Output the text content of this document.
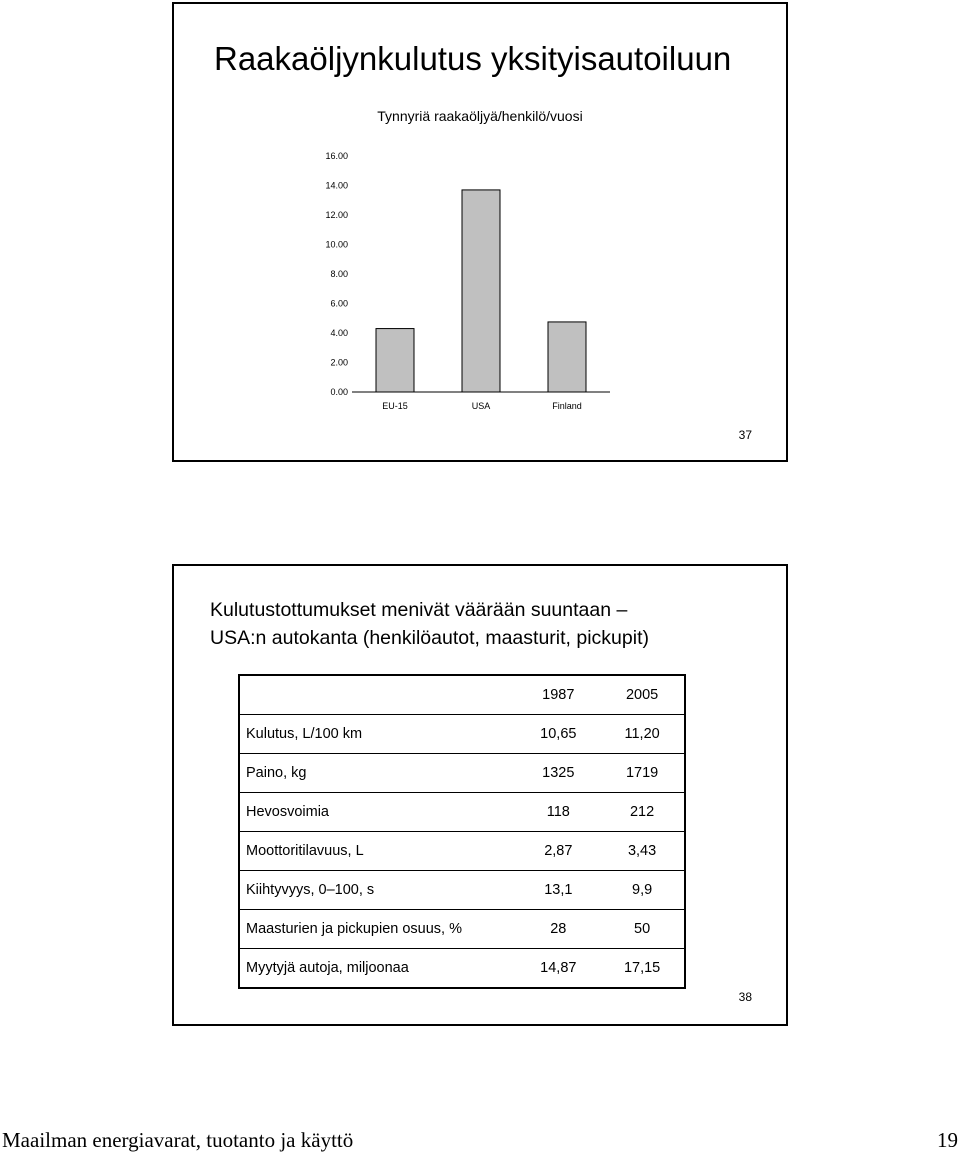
Raakaöljynkulutus yksityisautoiluun
Tynnyriä raakaöljyä/henkilö/vuosi
0.00
2.00
4.00
6.00
8.00
10.00
12.00
14.00
16.00
EU-15	USA	Finland
37
Kulutustottumukset menivät väärään suuntaan –
USA:n autokanta (henkilöautot, maasturit, pickupit)
	1987	2005
Kulutus, L/100 km	10,65	11,20
Paino, kg	1325	1719
Hevosvoimia	118	212
Moottoritilavuus, L	2,87	3,43
Kiihtyvyys, 0–100, s	13,1	9,9
Maasturien ja pickupien osuus, %	28	50
Myytyjä autoja, miljoonaa	14,87	17,15
38
Maailman energiavarat, tuotanto ja käyttö	19
